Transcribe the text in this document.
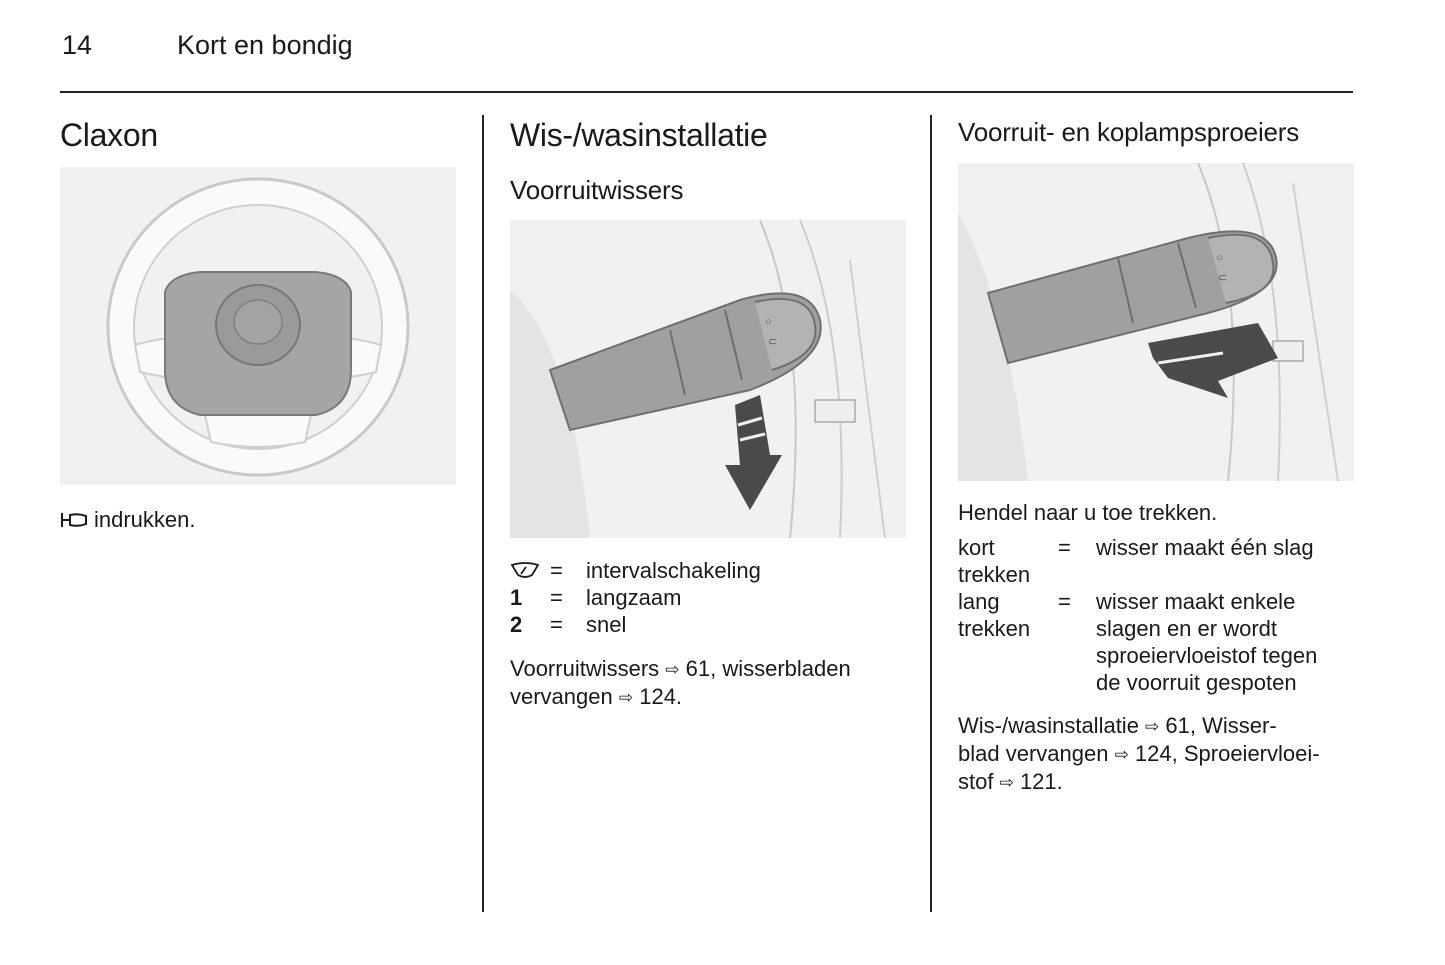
14	Kort en bondig
Claxon
indrukken.
Wis-/wasinstallatie
Voorruitwissers
○
⊂
=	intervalschakeling
1	=	langzaam
2	=	snel
Voorruitwissers ⇨ 61, wisserbladen
vervangen ⇨ 124.
Voorruit- en koplampsproeiers
○
⊂
Hendel naar u toe trekken.
kort
trekken
=	wisser maakt één slag
lang
trekken
=	wisser maakt enkele
slagen en er wordt
sproeiervloeistof tegen
de voorruit gespoten
Wis-/wasinstallatie ⇨ 61, Wisser-
blad vervangen ⇨ 124, Sproeiervloei-
stof ⇨ 121.
